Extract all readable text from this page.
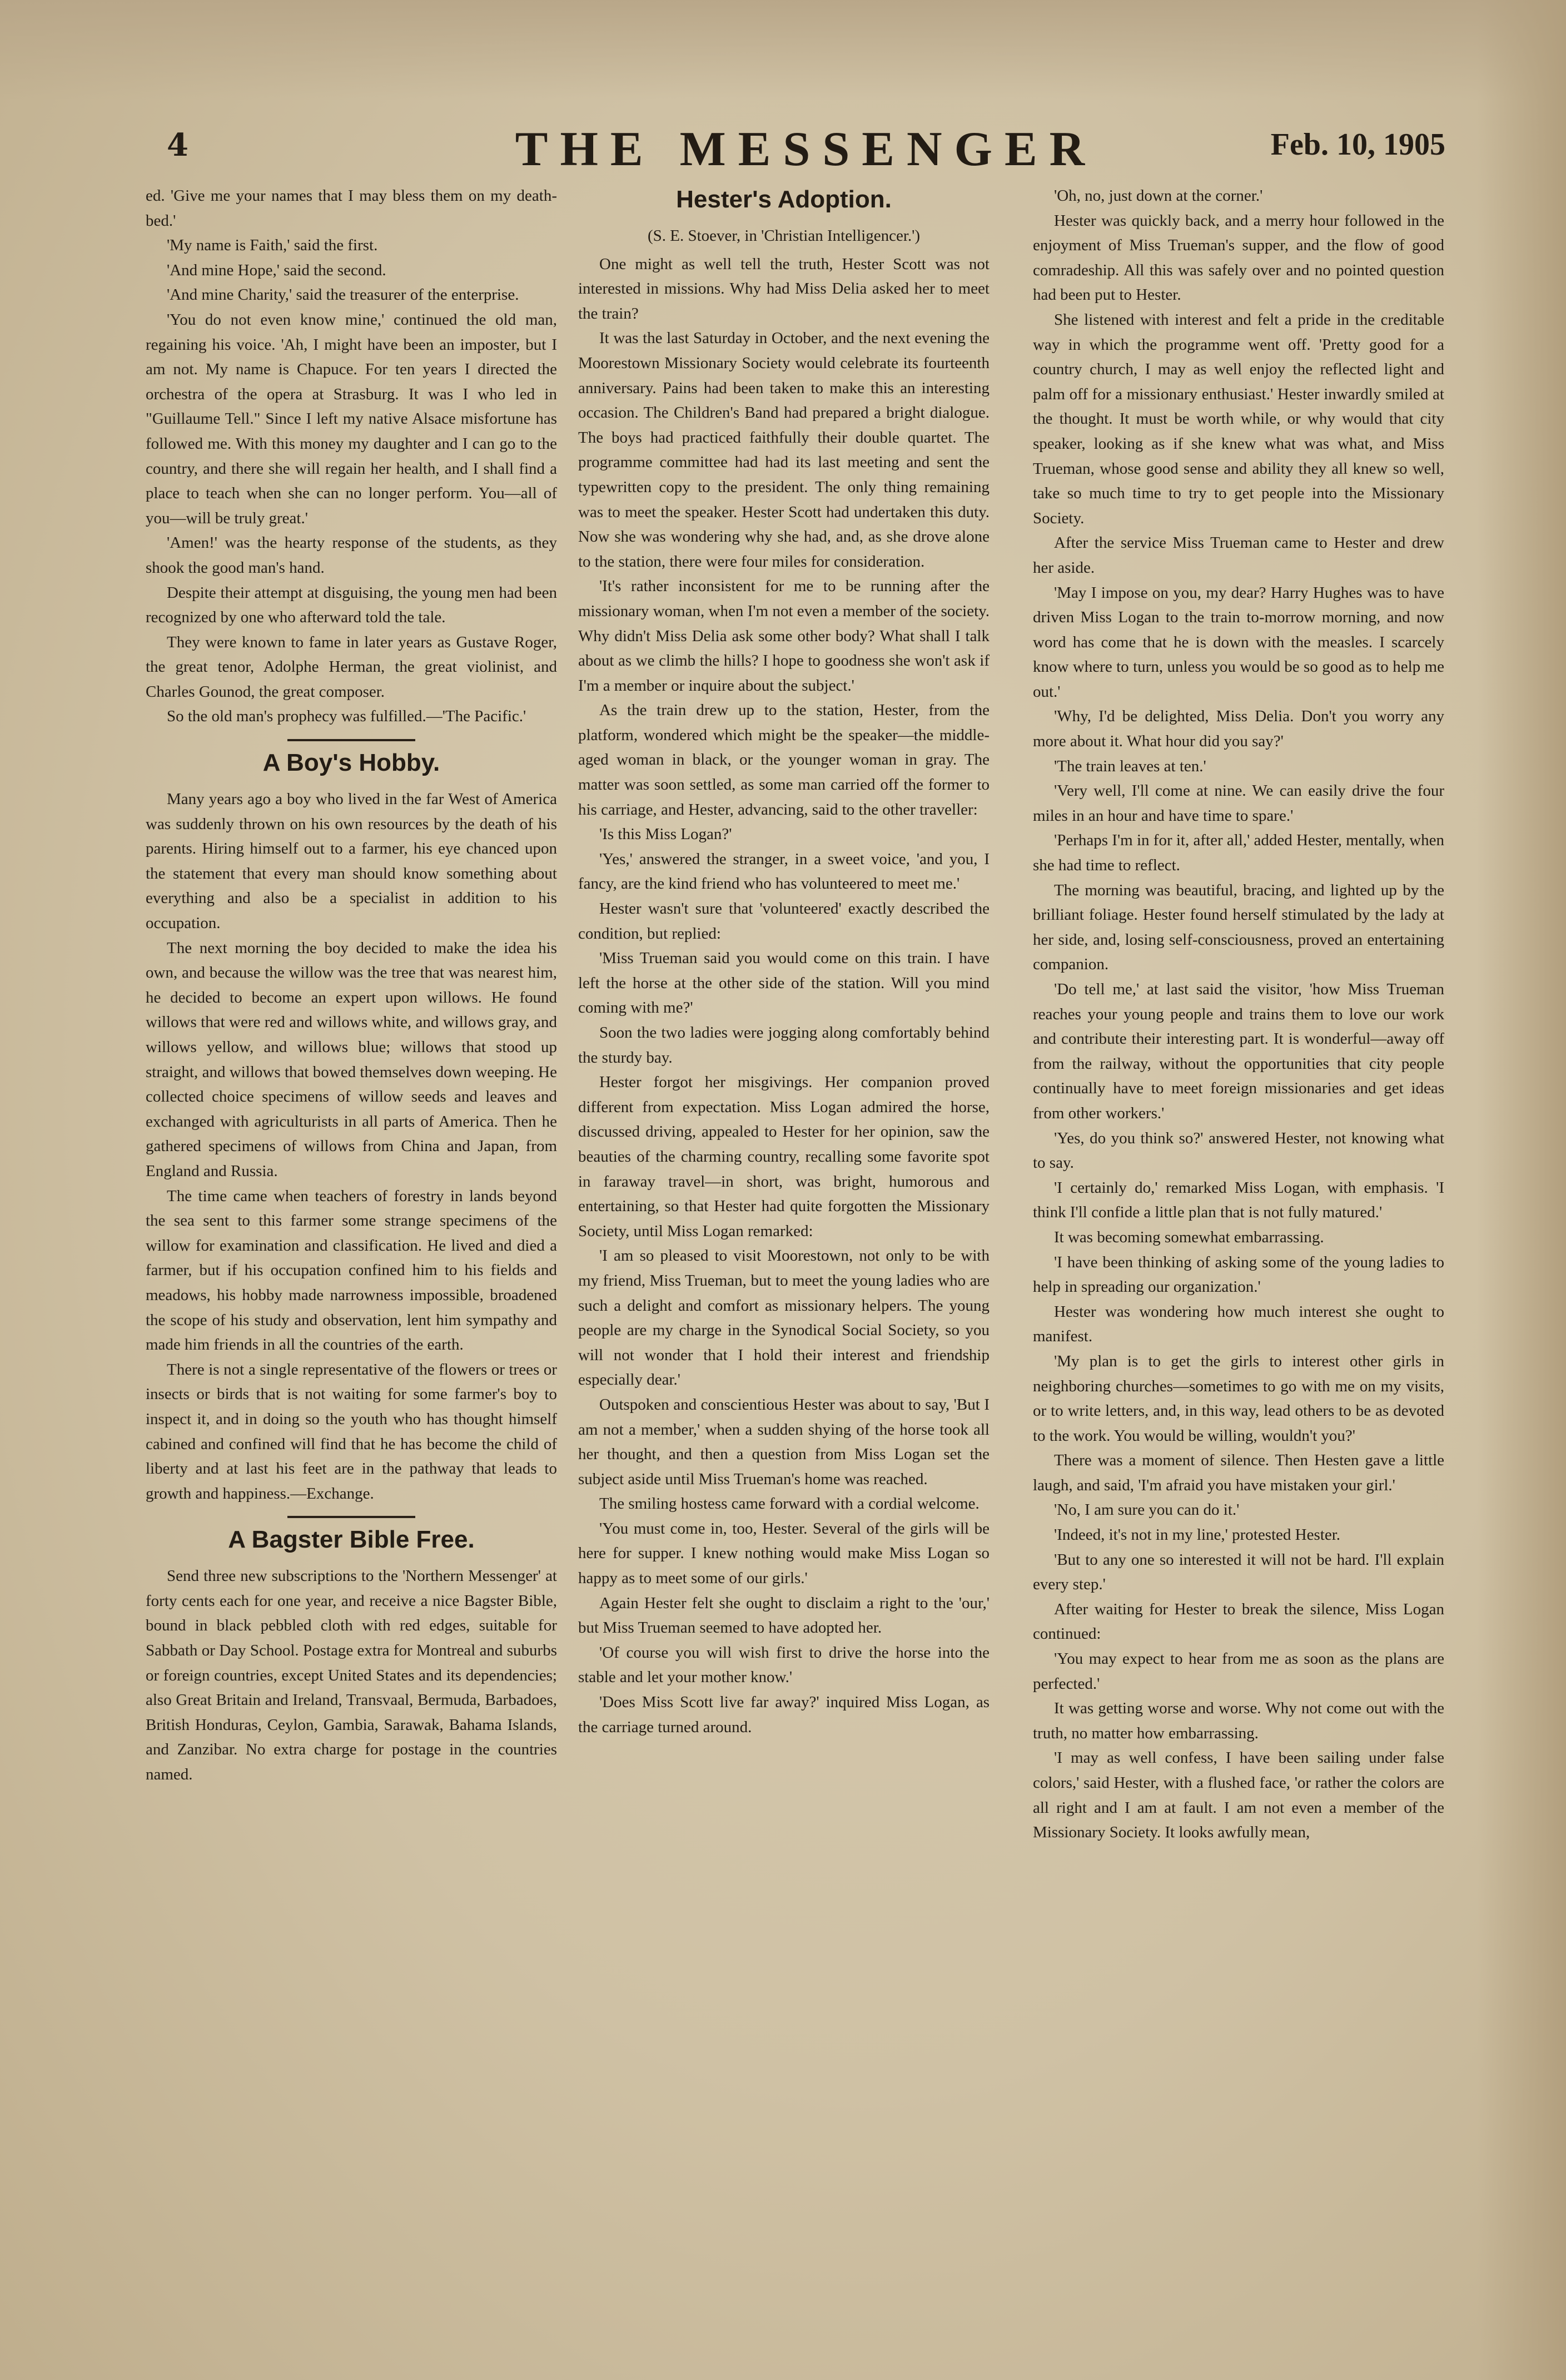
4	THE MESSENGER	Feb. 10, 1905

ed. 'Give me your names that I may bless them on my death-bed.'

'My name is Faith,' said the first.

'And mine Hope,' said the second.

'And mine Charity,' said the treasurer of the enterprise.

'You do not even know mine,' continued the old man, regaining his voice. 'Ah, I might have been an imposter, but I am not. My name is Chapuce. For ten years I directed the orchestra of the opera at Strasburg. It was I who led in "Guillaume Tell." Since I left my native Alsace misfortune has followed me. With this money my daughter and I can go to the country, and there she will regain her health, and I shall find a place to teach when she can no longer perform. You—all of you—will be truly great.'

'Amen!' was the hearty response of the students, as they shook the good man's hand.

Despite their attempt at disguising, the young men had been recognized by one who afterward told the tale.

They were known to fame in later years as Gustave Roger, the great tenor, Adolphe Herman, the great violinist, and Charles Gounod, the great composer.

So the old man's prophecy was fulfilled.—'The Pacific.'

A Boy's Hobby.

Many years ago a boy who lived in the far West of America was suddenly thrown on his own resources by the death of his parents. Hiring himself out to a farmer, his eye chanced upon the statement that every man should know something about everything and also be a specialist in addition to his occupation.

The next morning the boy decided to make the idea his own, and because the willow was the tree that was nearest him, he decided to become an expert upon willows. He found willows that were red and willows white, and willows gray, and willows yellow, and willows blue; willows that stood up straight, and willows that bowed themselves down weeping. He collected choice specimens of willow seeds and leaves and exchanged with agriculturists in all parts of America. Then he gathered specimens of willows from China and Japan, from England and Russia.

The time came when teachers of forestry in lands beyond the sea sent to this farmer some strange specimens of the willow for examination and classification. He lived and died a farmer, but if his occupation confined him to his fields and meadows, his hobby made narrowness impossible, broadened the scope of his study and observation, lent him sympathy and made him friends in all the countries of the earth.

There is not a single representative of the flowers or trees or insects or birds that is not waiting for some farmer's boy to inspect it, and in doing so the youth who has thought himself cabined and confined will find that he has become the child of liberty and at last his feet are in the pathway that leads to growth and happiness.—Exchange.

A Bagster Bible Free.

Send three new subscriptions to the 'Northern Messenger' at forty cents each for one year, and receive a nice Bagster Bible, bound in black pebbled cloth with red edges, suitable for Sabbath or Day School. Postage extra for Montreal and suburbs or foreign countries, except United States and its dependencies; also Great Britain and Ireland, Transvaal, Bermuda, Barbadoes, British Honduras, Ceylon, Gambia, Sarawak, Bahama Islands, and Zanzibar. No extra charge for postage in the countries named.

Hester's Adoption.

(S. E. Stoever, in 'Christian Intelligencer.')

One might as well tell the truth, Hester Scott was not interested in missions. Why had Miss Delia asked her to meet the train?

It was the last Saturday in October, and the next evening the Moorestown Missionary Society would celebrate its fourteenth anniversary. Pains had been taken to make this an interesting occasion. The Children's Band had prepared a bright dialogue. The boys had practiced faithfully their double quartet. The programme committee had had its last meeting and sent the typewritten copy to the president. The only thing remaining was to meet the speaker. Hester Scott had undertaken this duty. Now she was wondering why she had, and, as she drove alone to the station, there were four miles for consideration.

'It's rather inconsistent for me to be running after the missionary woman, when I'm not even a member of the society. Why didn't Miss Delia ask some other body? What shall I talk about as we climb the hills? I hope to goodness she won't ask if I'm a member or inquire about the subject.'

As the train drew up to the station, Hester, from the platform, wondered which might be the speaker—the middle-aged woman in black, or the younger woman in gray. The matter was soon settled, as some man carried off the former to his carriage, and Hester, advancing, said to the other traveller:

'Is this Miss Logan?'

'Yes,' answered the stranger, in a sweet voice, 'and you, I fancy, are the kind friend who has volunteered to meet me.'

Hester wasn't sure that 'volunteered' exactly described the condition, but replied:

'Miss Trueman said you would come on this train. I have left the horse at the other side of the station. Will you mind coming with me?'

Soon the two ladies were jogging along comfortably behind the sturdy bay.

Hester forgot her misgivings. Her companion proved different from expectation. Miss Logan admired the horse, discussed driving, appealed to Hester for her opinion, saw the beauties of the charming country, recalling some favorite spot in faraway travel—in short, was bright, humorous and entertaining, so that Hester had quite forgotten the Missionary Society, until Miss Logan remarked:

'I am so pleased to visit Moorestown, not only to be with my friend, Miss Trueman, but to meet the young ladies who are such a delight and comfort as missionary helpers. The young people are my charge in the Synodical Social Society, so you will not wonder that I hold their interest and friendship especially dear.'

Outspoken and conscientious Hester was about to say, 'But I am not a member,' when a sudden shying of the horse took all her thought, and then a question from Miss Logan set the subject aside until Miss Trueman's home was reached.

The smiling hostess came forward with a cordial welcome.

'You must come in, too, Hester. Several of the girls will be here for supper. I knew nothing would make Miss Logan so happy as to meet some of our girls.'

Again Hester felt she ought to disclaim a right to the 'our,' but Miss Trueman seemed to have adopted her.

'Of course you will wish first to drive the horse into the stable and let your mother know.'

'Does Miss Scott live far away?' inquired Miss Logan, as the carriage turned around.

'Oh, no, just down at the corner.'

Hester was quickly back, and a merry hour followed in the enjoyment of Miss Trueman's supper, and the flow of good comradeship. All this was safely over and no pointed question had been put to Hester.

She listened with interest and felt a pride in the creditable way in which the programme went off. 'Pretty good for a country church, I may as well enjoy the reflected light and palm off for a missionary enthusiast.' Hester inwardly smiled at the thought. It must be worth while, or why would that city speaker, looking as if she knew what was what, and Miss Trueman, whose good sense and ability they all knew so well, take so much time to try to get people into the Missionary Society.

After the service Miss Trueman came to Hester and drew her aside.

'May I impose on you, my dear? Harry Hughes was to have driven Miss Logan to the train to-morrow morning, and now word has come that he is down with the measles. I scarcely know where to turn, unless you would be so good as to help me out.'

'Why, I'd be delighted, Miss Delia. Don't you worry any more about it. What hour did you say?'

'The train leaves at ten.'

'Very well, I'll come at nine. We can easily drive the four miles in an hour and have time to spare.'

'Perhaps I'm in for it, after all,' added Hester, mentally, when she had time to reflect.

The morning was beautiful, bracing, and lighted up by the brilliant foliage. Hester found herself stimulated by the lady at her side, and, losing self-consciousness, proved an entertaining companion.

'Do tell me,' at last said the visitor, 'how Miss Trueman reaches your young people and trains them to love our work and contribute their interesting part. It is wonderful—away off from the railway, without the opportunities that city people continually have to meet foreign missionaries and get ideas from other workers.'

'Yes, do you think so?' answered Hester, not knowing what to say.

'I certainly do,' remarked Miss Logan, with emphasis. 'I think I'll confide a little plan that is not fully matured.'

It was becoming somewhat embarrassing.

'I have been thinking of asking some of the young ladies to help in spreading our organization.'

Hester was wondering how much interest she ought to manifest.

'My plan is to get the girls to interest other girls in neighboring churches—sometimes to go with me on my visits, or to write letters, and, in this way, lead others to be as devoted to the work. You would be willing, wouldn't you?'

There was a moment of silence. Then Hesten gave a little laugh, and said, 'I'm afraid you have mistaken your girl.'

'No, I am sure you can do it.'

'Indeed, it's not in my line,' protested Hester.

'But to any one so interested it will not be hard. I'll explain every step.'

After waiting for Hester to break the silence, Miss Logan continued:

'You may expect to hear from me as soon as the plans are perfected.'

It was getting worse and worse. Why not come out with the truth, no matter how embarrassing.

'I may as well confess, I have been sailing under false colors,' said Hester, with a flushed face, 'or rather the colors are all right and I am at fault. I am not even a member of the Missionary Society. It looks awfully mean,
